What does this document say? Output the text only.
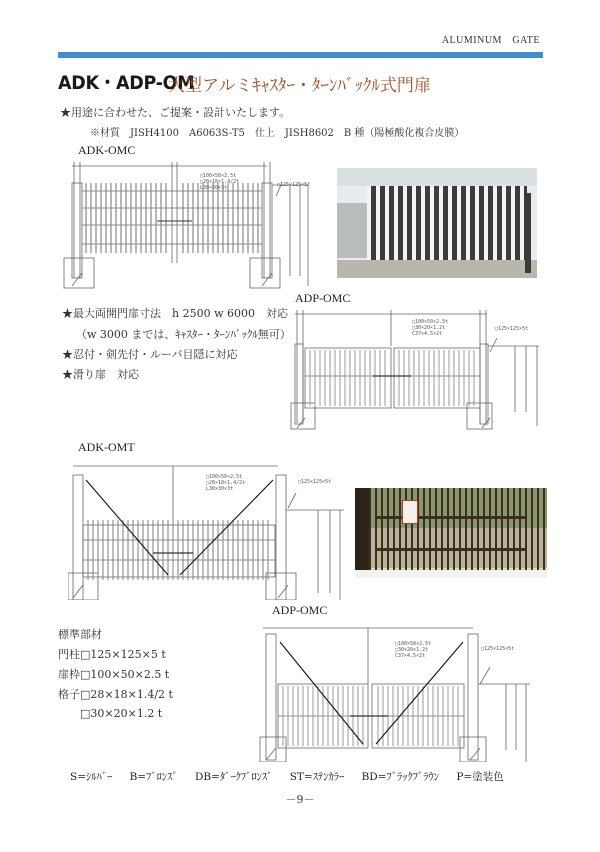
ALUMINUM　GATE
ADK・ADP-OM
大型アルミｷｬｽﾀｰ・ﾀｰﾝﾊﾞｯｸﾙ式門扉
★用途に合わせた、ご提案・設計いたします。
※材質　JISH4100　A6063S-T5　仕上　JISH8602　B 種（陽極酸化複合皮膜）
ADK-OMC
□100×50×2.5t
□28×18×1.4/2t
L30×30×3t	□125×125×5t
★最大両開門扉寸法　h 2500 w 6000　対応
（w 3000 までは、ｷｬｽﾀｰ・ﾀｰﾝﾊﾞｯｸﾙ無可）
★忍付・剣先付・ルーバ目隠に対応
★滑り扉　対応
ADP-OMC
□100×50×2.5t
□30×20×1.2t
C37×4.5×2t
□125×125×5t
ADK-OMT
□100×50×2.5t
□28×18×1.4/2t
L30×30×3t
□125×125×5t
標準部材
門柱□125×125×5 t
扉枠□100×50×2.5 t
格子□28×18×1.4/2 t
　　□30×20×1.2 t
ADP-OMC
□100×50×2.5t
□30×20×1.2t
C37×4.5×2t
□125×125×5t
S=ｼﾙﾊﾞｰ B=ﾌﾞﾛﾝｽﾞ DB=ﾀﾞｰｸﾌﾞﾛﾝｽﾞ ST=ｽﾃﾝｶﾗｰ BD=ﾌﾞﾗｯｸﾌﾞﾗｳﾝ P=塗装色
－9－
